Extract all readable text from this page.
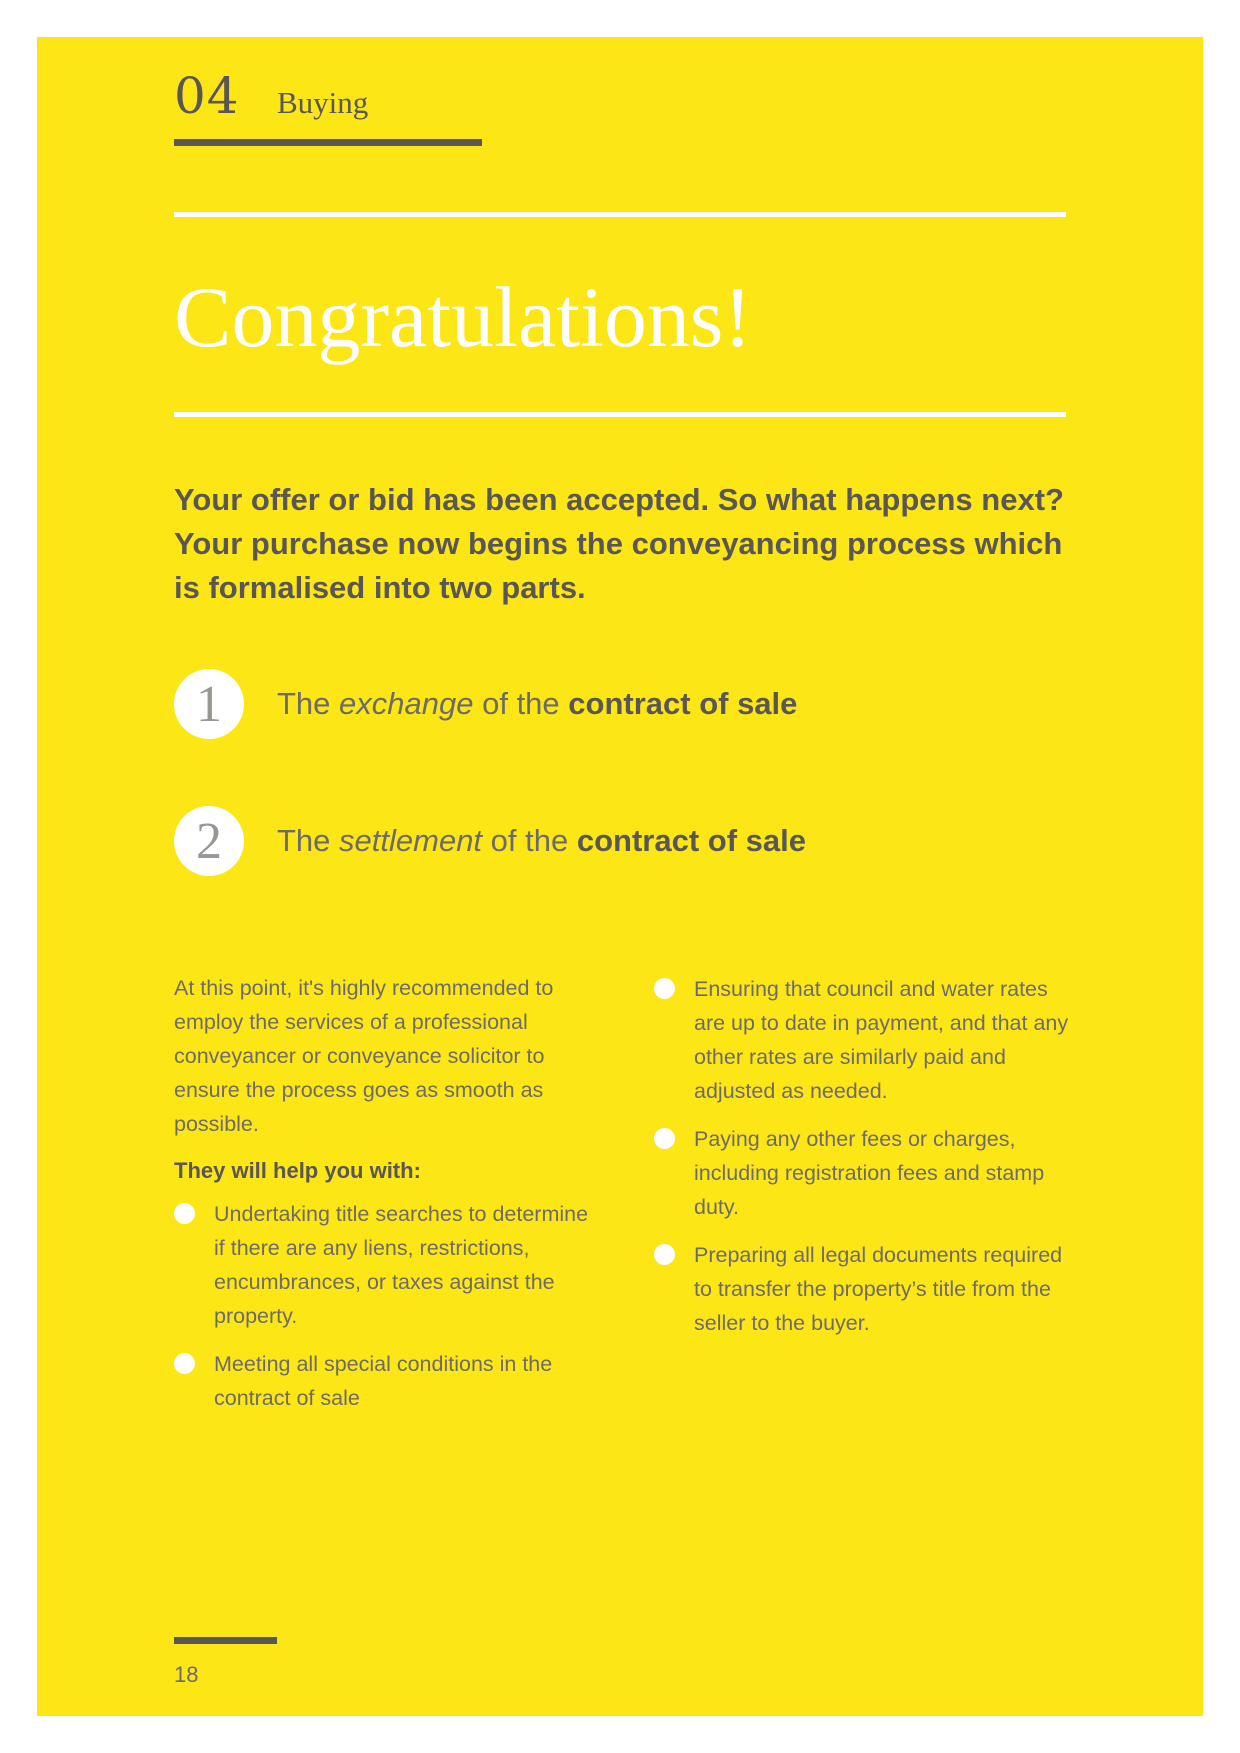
04 Buying
Congratulations!
Your offer or bid has been accepted. So what happens next? Your purchase now begins the conveyancing process which is formalised into two parts.
1	The exchange of the contract of sale
2	The settlement of the contract of sale

At this point, it's highly recommended to employ the services of a professional conveyancer or conveyance solicitor to ensure the process goes as smooth as possible.

They will help you with:
Undertaking title searches to determine if there are any liens, restrictions, encumbrances, or taxes against the property.
Meeting all special conditions in the contract of sale
Ensuring that council and water rates are up to date in payment, and that any other rates are similarly paid and adjusted as needed.
Paying any other fees or charges, including registration fees and stamp duty.
Preparing all legal documents required to transfer the property’s title from the seller to the buyer.
18
